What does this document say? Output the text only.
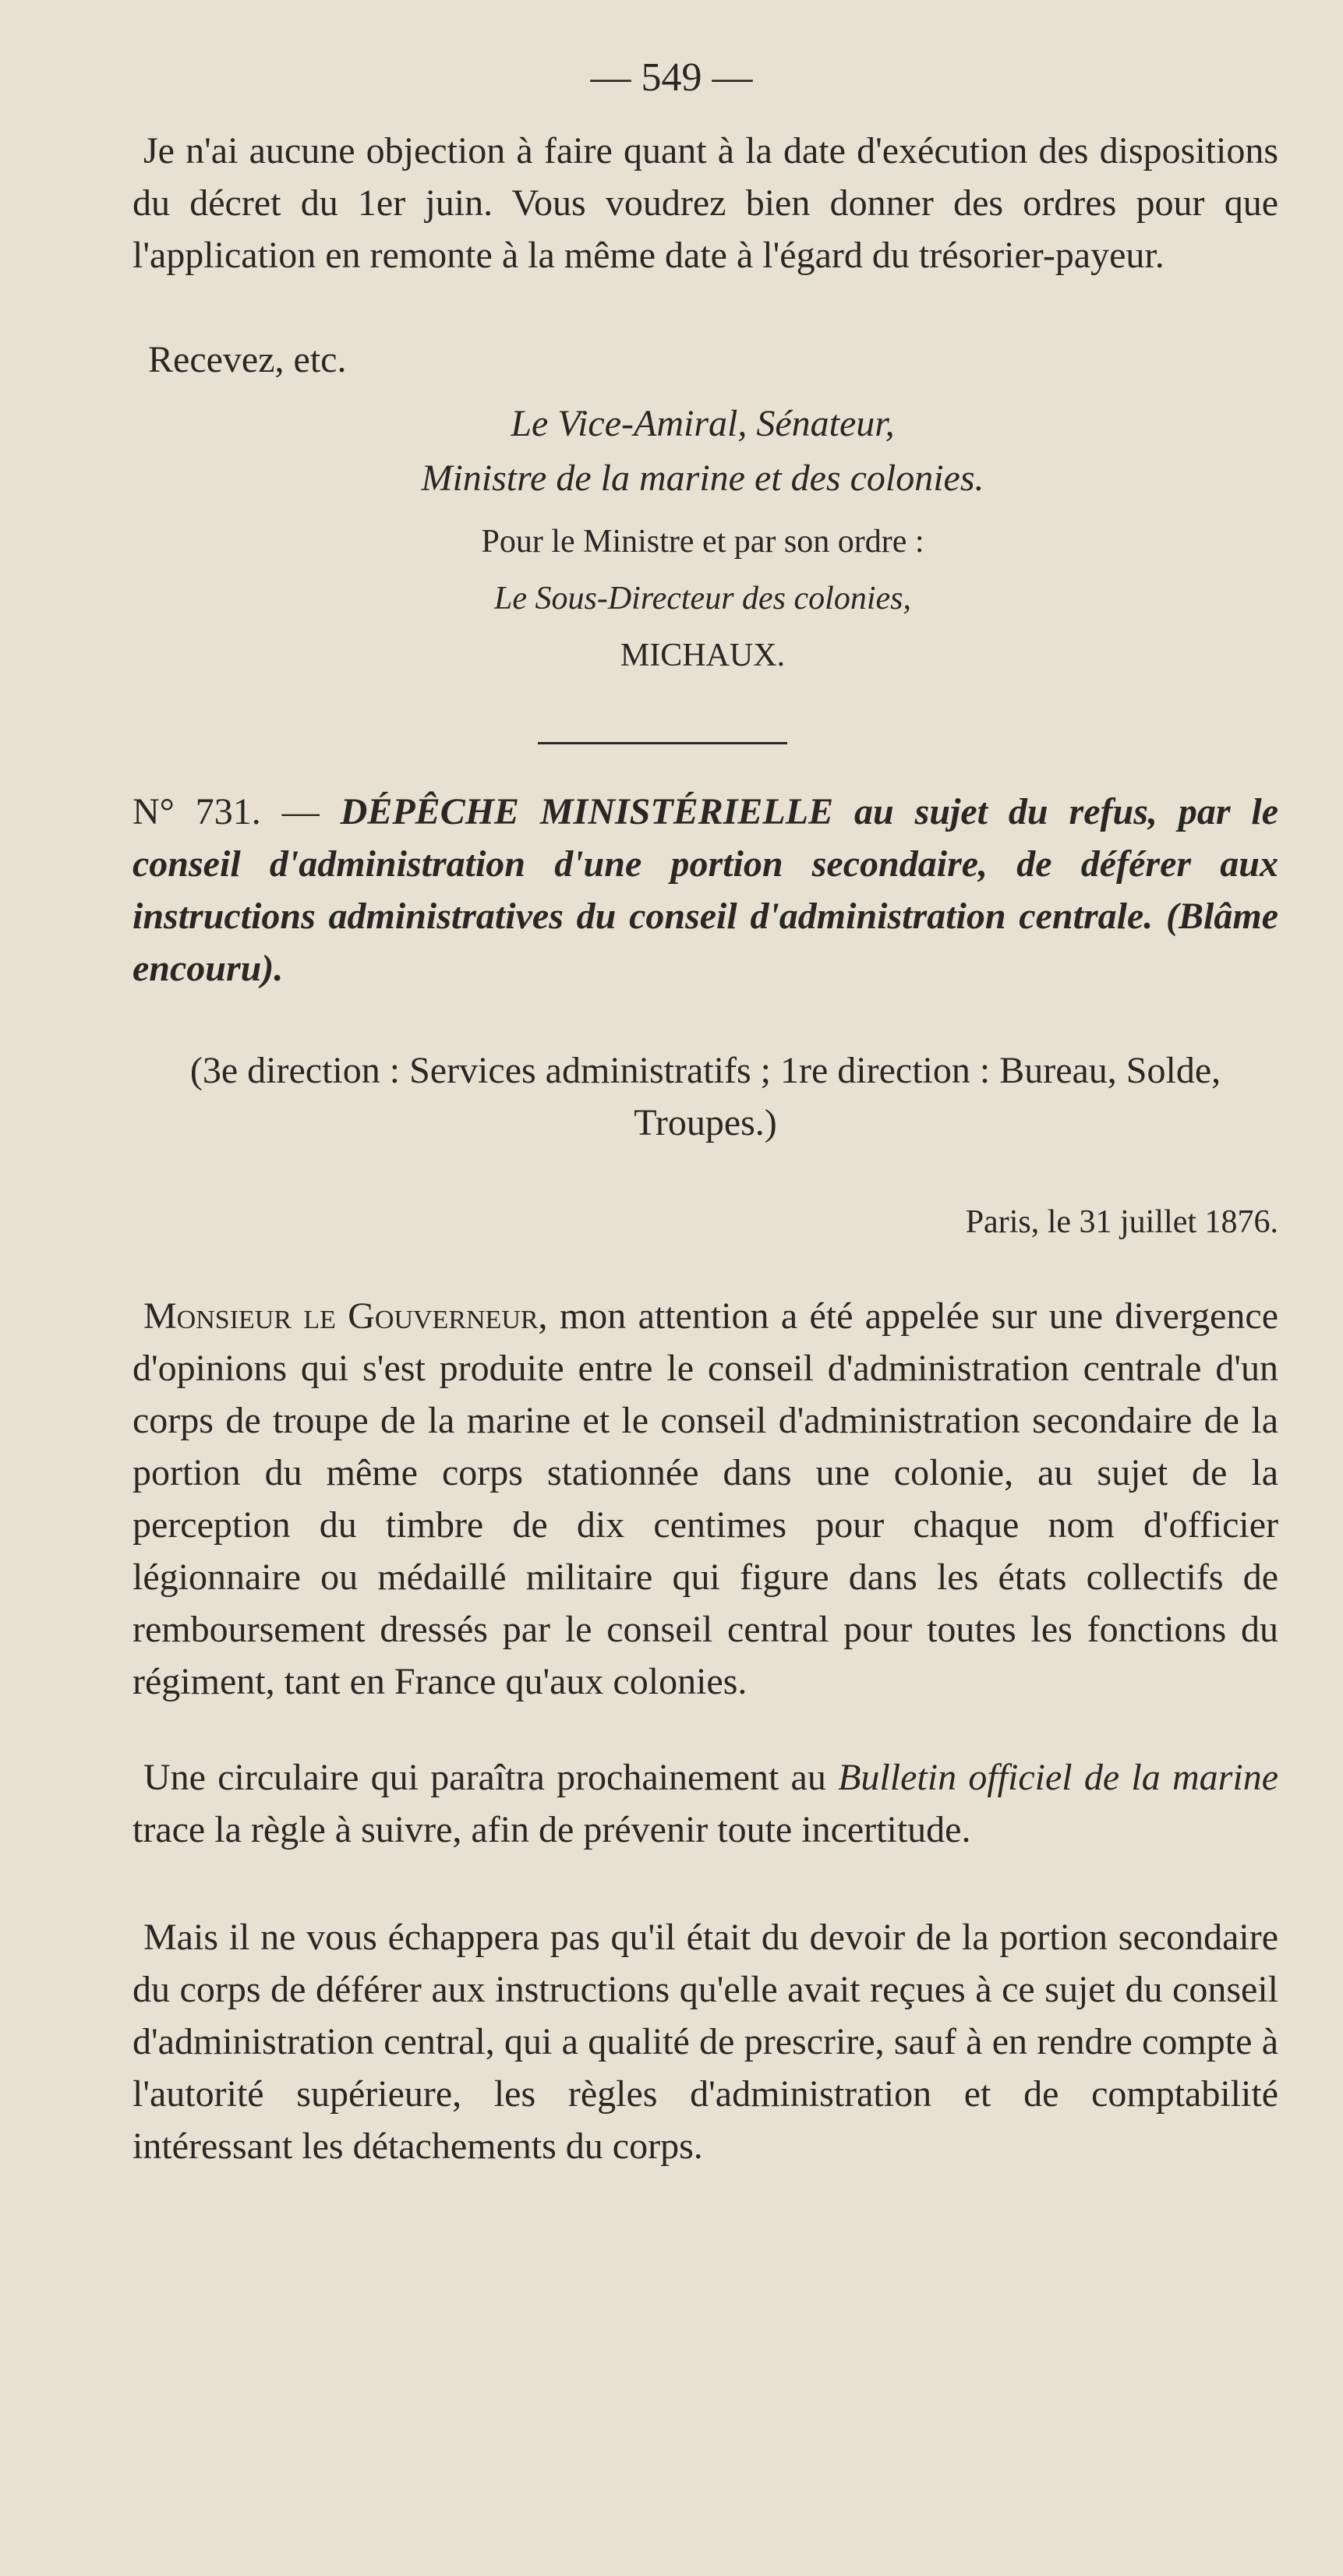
— 549 —
Je n'ai aucune objection à faire quant à la date d'exécution des dispositions du décret du 1er juin. Vous voudrez bien donner des ordres pour que l'application en remonte à la même date à l'égard du trésorier-payeur.
Recevez, etc.
Le Vice-Amiral, Sénateur,
Ministre de la marine et des colonies.
Pour le Ministre et par son ordre :
Le Sous-Directeur des colonies,
MICHAUX.
N° 731. — DÉPÊCHE MINISTÉRIELLE au sujet du refus, par le conseil d'administration d'une portion secondaire, de déférer aux instructions administratives du conseil d'administration centrale. (Blâme encouru).
(3e direction : Services administratifs ; 1re direction : Bureau, Solde, Troupes.)
Paris, le 31 juillet 1876.
Monsieur le Gouverneur, mon attention a été appelée sur une divergence d'opinions qui s'est produite entre le conseil d'administration centrale d'un corps de troupe de la marine et le conseil d'administration secondaire de la portion du même corps stationnée dans une colonie, au sujet de la perception du timbre de dix centimes pour chaque nom d'officier légionnaire ou médaillé militaire qui figure dans les états collectifs de remboursement dressés par le conseil central pour toutes les fonctions du régiment, tant en France qu'aux colonies.
Une circulaire qui paraîtra prochainement au Bulletin officiel de la marine trace la règle à suivre, afin de prévenir toute incertitude.
Mais il ne vous échappera pas qu'il était du devoir de la portion secondaire du corps de déférer aux instructions qu'elle avait reçues à ce sujet du conseil d'administration central, qui a qualité de prescrire, sauf à en rendre compte à l'autorité supérieure, les règles d'administration et de comptabilité intéressant les détachements du corps.
